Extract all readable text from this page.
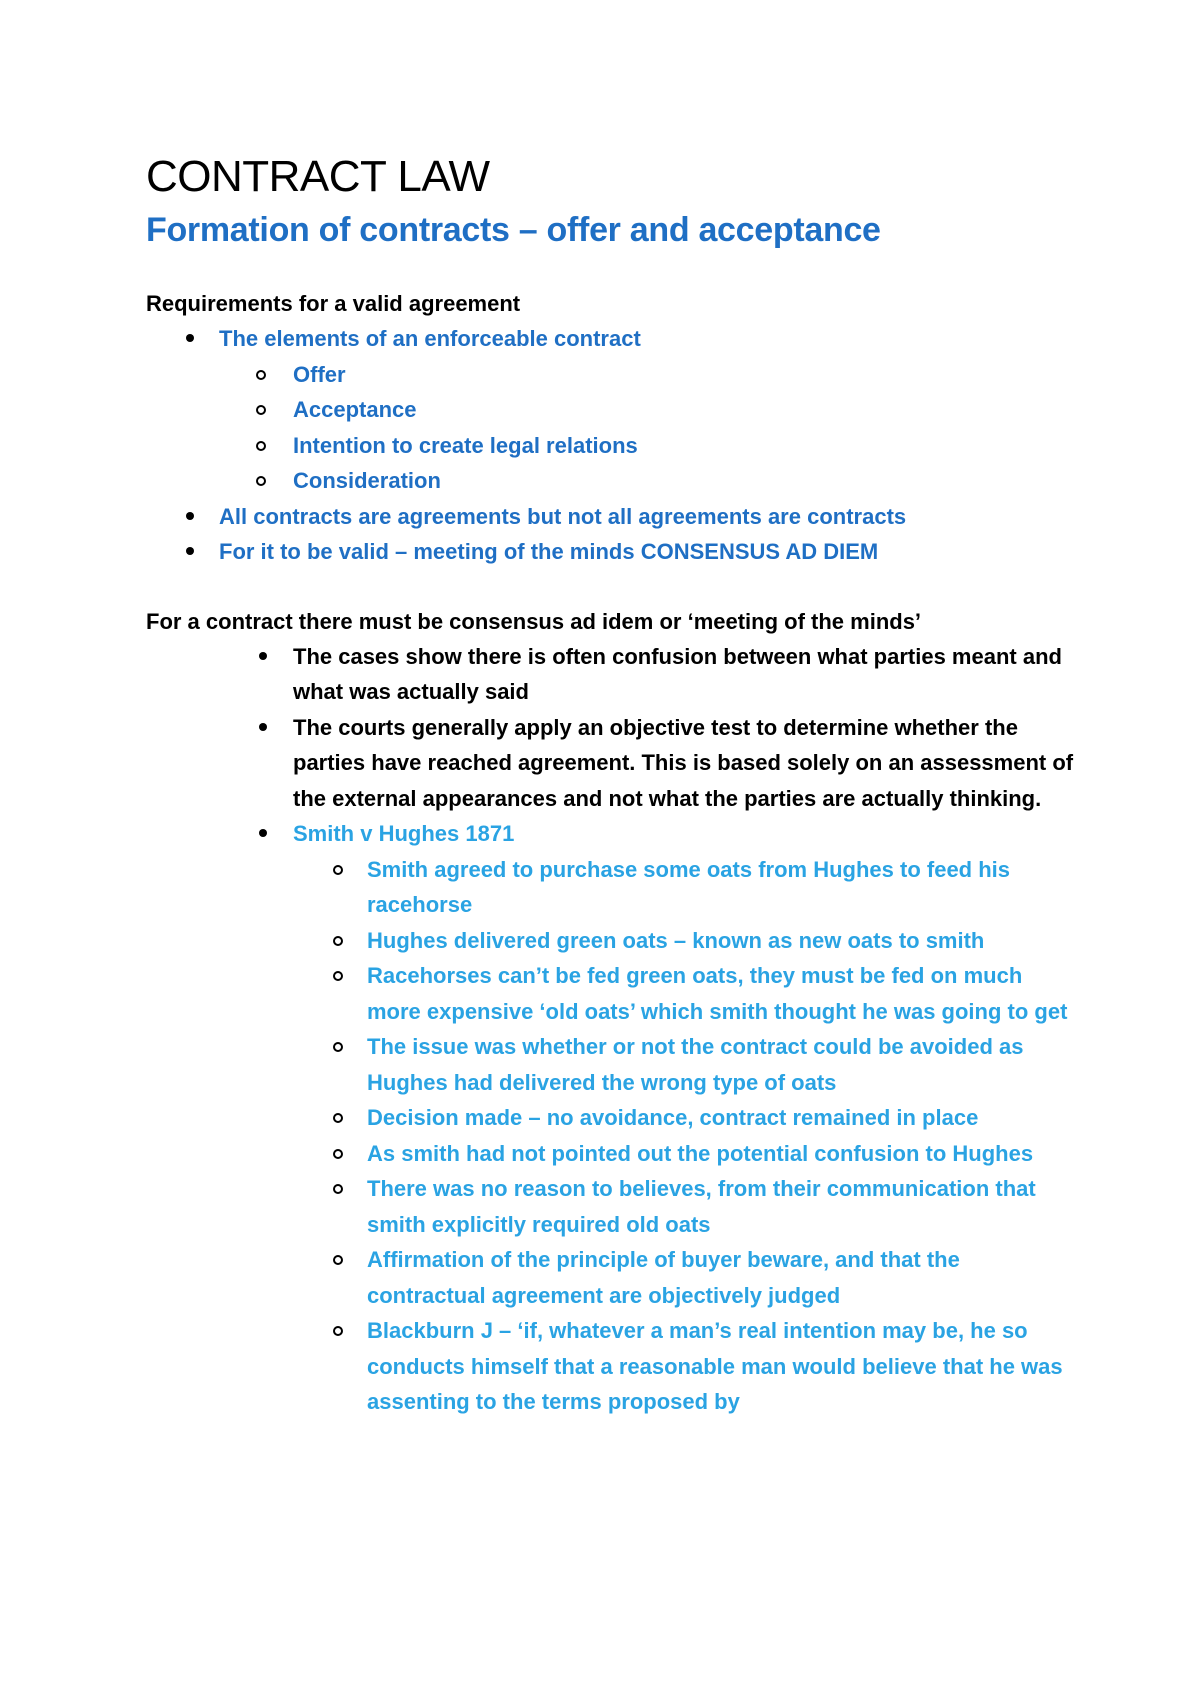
CONTRACT LAW
Formation of contracts – offer and acceptance

Requirements for a valid agreement

The elements of an enforceable contract
Offer
Acceptance
Intention to create legal relations
Consideration
All contracts are agreements but not all agreements are contracts
For it to be valid – meeting of the minds CONSENSUS AD DIEM

For a contract there must be consensus ad idem or ‘meeting of the minds’

The cases show there is often confusion between what parties meant and what was actually said
The courts generally apply an objective test to determine whether the parties have reached agreement. This is based solely on an assessment of the external appearances and not what the parties are actually thinking.
Smith v Hughes 1871
Smith agreed to purchase some oats from Hughes to feed his racehorse
Hughes delivered green oats – known as new oats to smith
Racehorses can’t be fed green oats, they must be fed on much more expensive ‘old oats’ which smith thought he was going to get
The issue was whether or not the contract could be avoided as Hughes had delivered the wrong type of oats
Decision made – no avoidance, contract remained in place
As smith had not pointed out the potential confusion to Hughes
There was no reason to believes, from their communication that smith explicitly required old oats
Affirmation of the principle of buyer beware, and that the contractual agreement are objectively judged
Blackburn J – ‘if, whatever a man’s real intention may be, he so conducts himself that a reasonable man would believe that he was assenting to the terms proposed by
